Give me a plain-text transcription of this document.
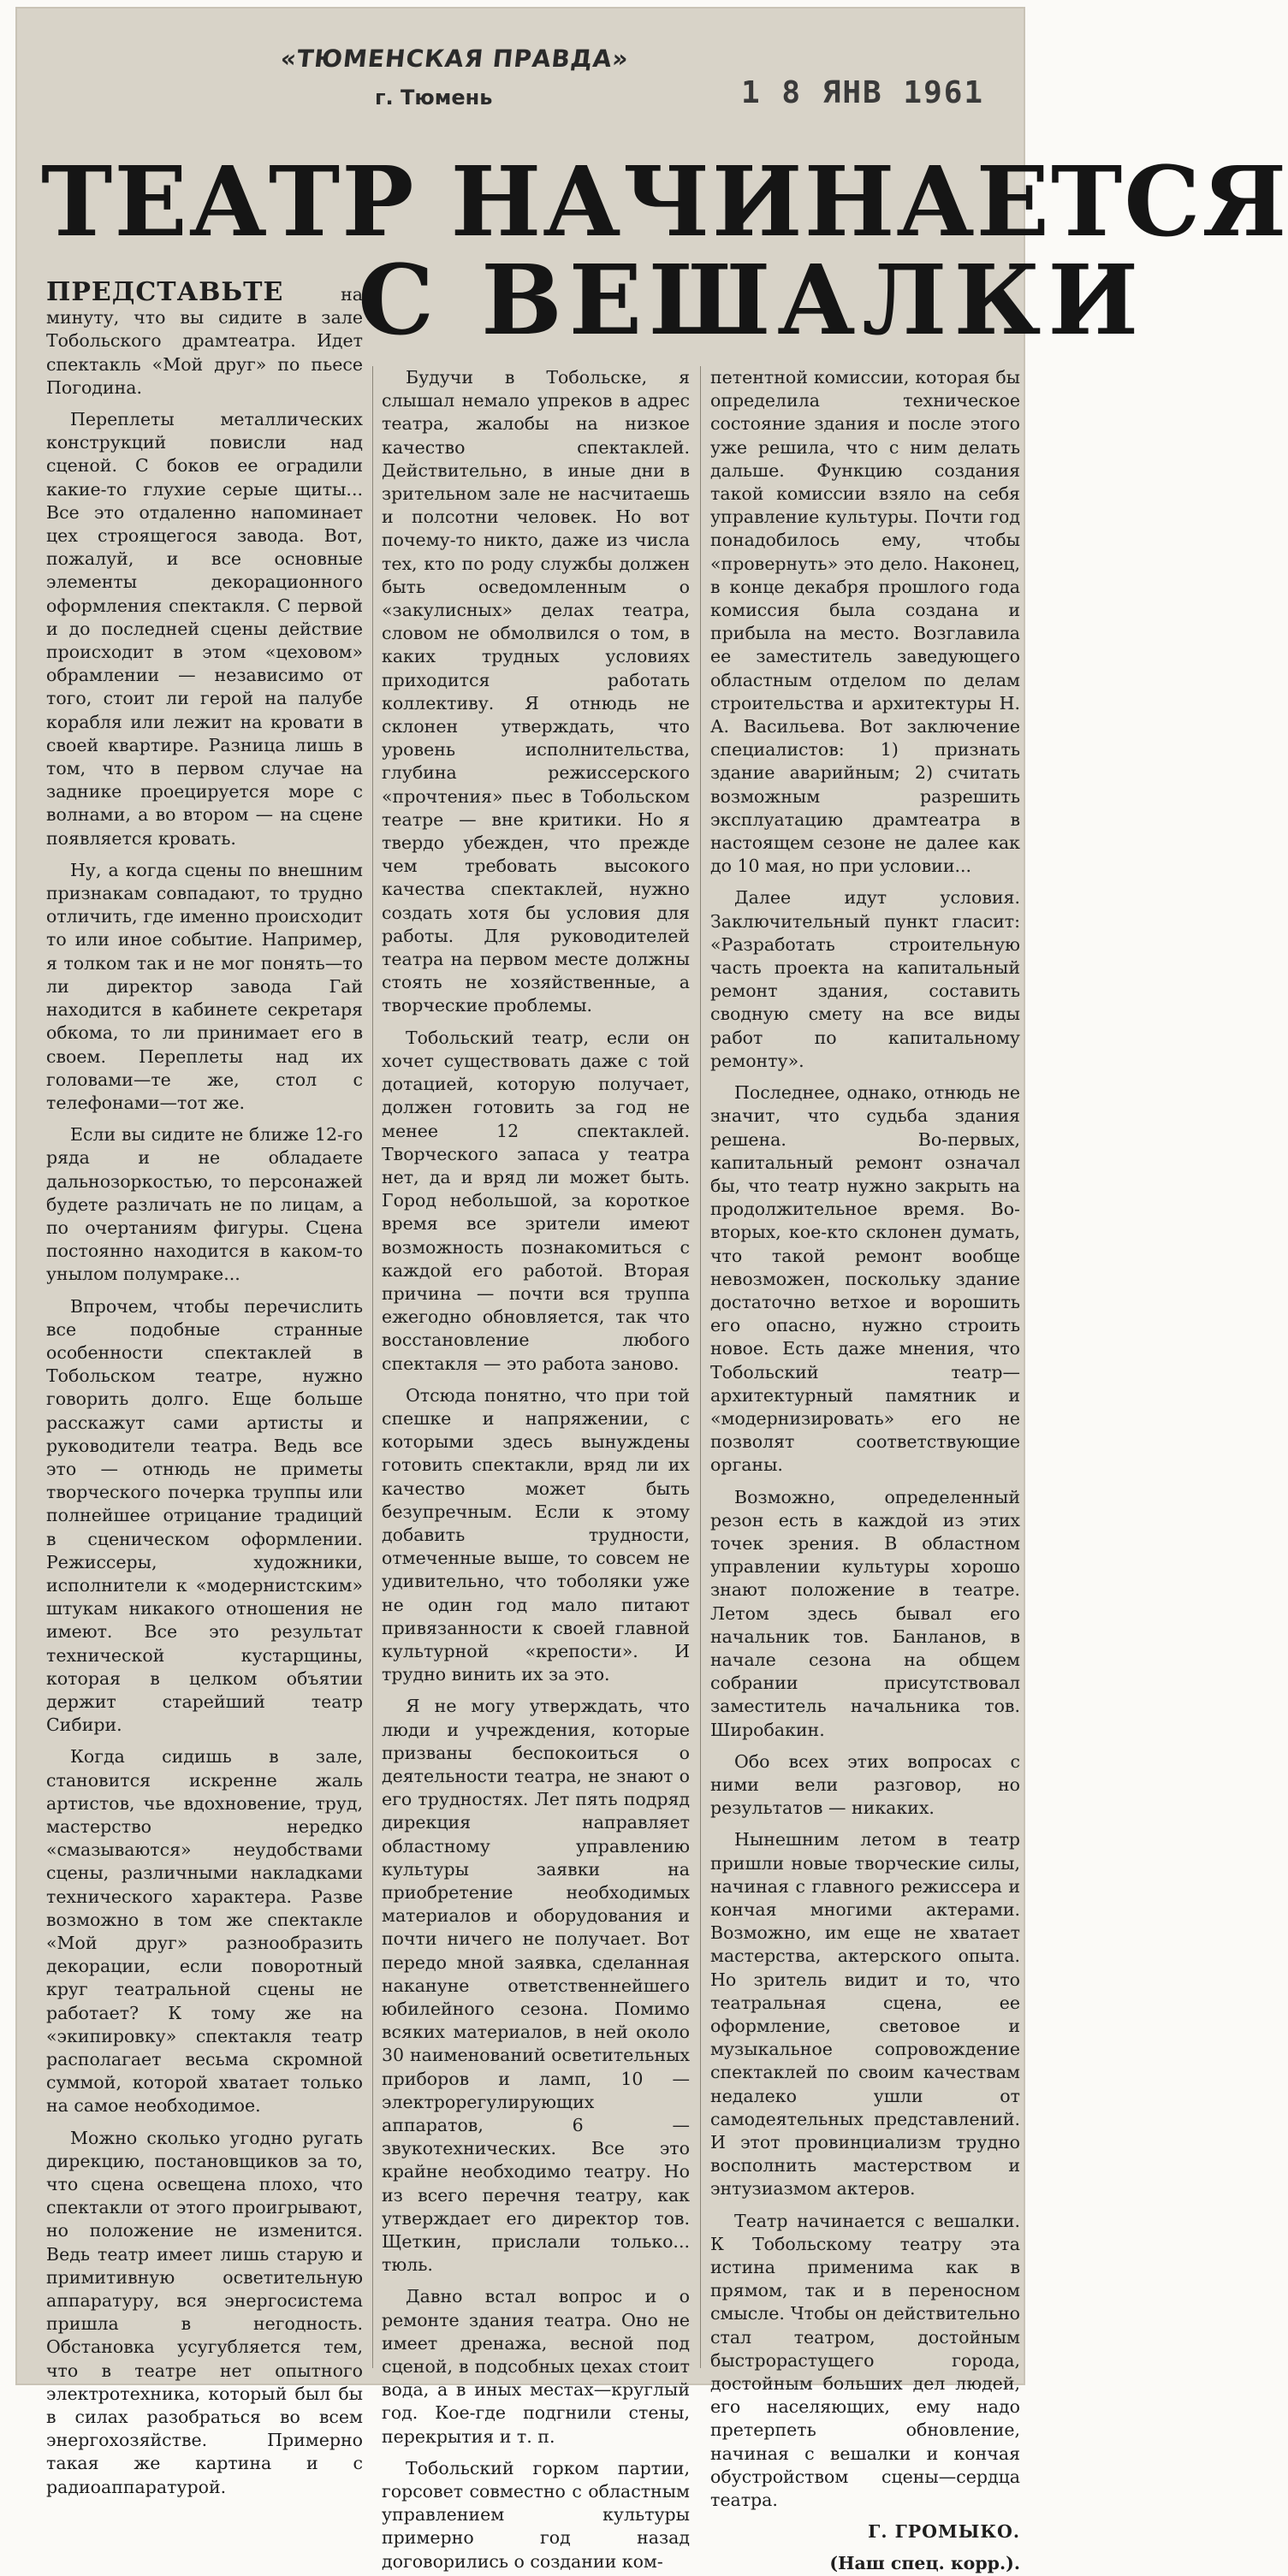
«ТЮМЕНСКАЯ ПРАВДА»
г. Тюмень	1 8 ЯНВ 1961
ТЕАТР НАЧИНАЕТСЯ
С ВЕШАЛКИ

ПРЕДСТАВЬТЕ на минуту, что вы сидите в зале Тобольского драмтеатра. Идет спектакль «Мой друг» по пьесе Погодина.

Переплеты металлических конструкций повисли над сценой. С боков ее оградили какие-то глухие серые щиты... Все это отдаленно напоминает цех строящегося завода. Вот, пожалуй, и все основные элементы декорационного оформления спектакля. С первой и до последней сцены действие происходит в этом «цеховом» обрамлении — независимо от того, стоит ли герой на палубе корабля или лежит на кровати в своей квартире. Разница лишь в том, что в первом случае на заднике проецируется море с волнами, а во втором — на сцене появляется кровать.

Ну, а когда сцены по внешним признакам совпадают, то трудно отличить, где именно происходит то или иное событие. Например, я толком так и не мог понять—то ли директор завода Гай находится в кабинете секретаря обкома, то ли принимает его в своем. Переплеты над их головами—те же, стол с телефонами—тот же.

Если вы сидите не ближе 12-го ряда и не обладаете дальнозоркостью, то персонажей будете различать не по лицам, а по очертаниям фигуры. Сцена постоянно находится в каком-то унылом полумраке...

Впрочем, чтобы перечислить все подобные странные особенности спектаклей в Тобольском театре, нужно говорить долго. Еще больше расскажут сами артисты и руководители театра. Ведь все это — отнюдь не приметы творческого почерка труппы или полнейшее отрицание традиций в сценическом оформлении. Режиссеры, художники, исполнители к «модернистским» штукам никакого отношения не имеют. Все это результат технической кустарщины, которая в целком объятии держит старейший театр Сибири.

Когда сидишь в зале, становится искренне жаль артистов, чье вдохновение, труд, мастерство нередко «смазываются» неудобствами сцены, различными накладками технического характера. Разве возможно в том же спектакле «Мой друг» разнообразить декорации, если поворотный круг театральной сцены не работает? К тому же на «экипировку» спектакля театр располагает весьма скромной суммой, которой хватает только на самое необходимое.

Можно сколько угодно ругать дирекцию, постановщиков за то, что сцена освещена плохо, что спектакли от этого проигрывают, но положение не изменится. Ведь театр имеет лишь старую и примитивную осветительную аппаратуру, вся энергосистема пришла в негодность. Обстановка усугубляется тем, что в театре нет опытного электротехника, который был бы в силах разобраться во всем энергохозяйстве. Примерно такая же картина и с радиоаппаратурой.

Будучи в Тобольске, я слышал немало упреков в адрес театра, жалобы на низкое качество спектаклей. Действительно, в иные дни в зрительном зале не насчитаешь и полсотни человек. Но вот почему-то никто, даже из числа тех, кто по роду службы должен быть осведомленным о «закулисных» делах театра, словом не обмолвился о том, в каких трудных условиях приходится работать коллективу. Я отнюдь не склонен утверждать, что уровень исполнительства, глубина режиссерского «прочтения» пьес в Тобольском театре — вне критики. Но я твердо убежден, что прежде чем требовать высокого качества спектаклей, нужно создать хотя бы условия для работы. Для руководителей театра на первом месте должны стоять не хозяйственные, а творческие проблемы.

Тобольский театр, если он хочет существовать даже с той дотацией, которую получает, должен готовить за год не менее 12 спектаклей. Творческого запаса у театра нет, да и вряд ли может быть. Город небольшой, за короткое время все зрители имеют возможность познакомиться с каждой его работой. Вторая причина — почти вся труппа ежегодно обновляется, так что восстановление любого спектакля — это работа заново.

Отсюда понятно, что при той спешке и напряжении, с которыми здесь вынуждены готовить спектакли, вряд ли их качество может быть безупречным. Если к этому добавить трудности, отмеченные выше, то совсем не удивительно, что тоболяки уже не один год мало питают привязанности к своей главной культурной «крепости». И трудно винить их за это.

Я не могу утверждать, что люди и учреждения, которые призваны беспокоиться о деятельности театра, не знают о его трудностях. Лет пять подряд дирекция направляет областному управлению культуры заявки на приобретение необходимых материалов и оборудования и почти ничего не получает. Вот передо мной заявка, сделанная накануне ответственнейшего юбилейного сезона. Помимо всяких материалов, в ней около 30 наименований осветительных приборов и ламп, 10 — электрорегулирующих аппаратов, 6 — звукотехнических. Все это крайне необходимо театру. Но из всего перечня театру, как утверждает его директор тов. Щеткин, прислали только... тюль.

Давно встал вопрос и о ремонте здания театра. Оно не имеет дренажа, весной под сценой, в подсобных цехах стоит вода, а в иных местах—круглый год. Кое-где подгнили стены, перекрытия и т. п.

Тобольский горком партии, горсовет совместно с областным управлением культуры примерно год назад договорились о создании ком-

петентной комиссии, которая бы определила техническое состояние здания и после этого уже решила, что с ним делать дальше. Функцию создания такой комиссии взяло на себя управление культуры. Почти год понадобилось ему, чтобы «провернуть» это дело. Наконец, в конце декабря прошлого года комиссия была создана и прибыла на место. Возглавила ее заместитель заведующего областным отделом по делам строительства и архитектуры Н. А. Васильева. Вот заключение специалистов: 1) признать здание аварийным; 2) считать возможным разрешить эксплуатацию драмтеатра в настоящем сезоне не далее как до 10 мая, но при условии...

Далее идут условия. Заключительный пункт гласит: «Разработать строительную часть проекта на капитальный ремонт здания, составить сводную смету на все виды работ по капитальному ремонту».

Последнее, однако, отнюдь не значит, что судьба здания решена. Во-первых, капитальный ремонт означал бы, что театр нужно закрыть на продолжительное время. Во-вторых, кое-кто склонен думать, что такой ремонт вообще невозможен, поскольку здание достаточно ветхое и ворошить его опасно, нужно строить новое. Есть даже мнения, что Тобольский театр—архитектурный памятник и «модернизировать» его не позволят соответствующие органы.

Возможно, определенный резон есть в каждой из этих точек зрения. В областном управлении культуры хорошо знают положение в театре. Летом здесь бывал его начальник тов. Банланов, в начале сезона на общем собрании присутствовал заместитель начальника тов. Широбакин.

Обо всех этих вопросах с ними вели разговор, но результатов — никаких.

Нынешним летом в театр пришли новые творческие силы, начиная с главного режиссера и кончая многими актерами. Возможно, им еще не хватает мастерства, актерского опыта. Но зритель видит и то, что театральная сцена, ее оформление, световое и музыкальное сопровождение спектаклей по своим качествам недалеко ушли от самодеятельных представлений. И этот провинциализм трудно восполнить мастерством и энтузиазмом актеров.

Театр начинается с вешалки. К Тобольскому театру эта истина применима как в прямом, так и в переносном смысле. Чтобы он действительно стал театром, достойным быстрорастущего города, достойным больших дел людей, его населяющих, ему надо претерпеть обновление, начиная с вешалки и кончая обустройством сцены—сердца театра.

Г. ГРОМЫКО.

(Наш спец. корр.).
